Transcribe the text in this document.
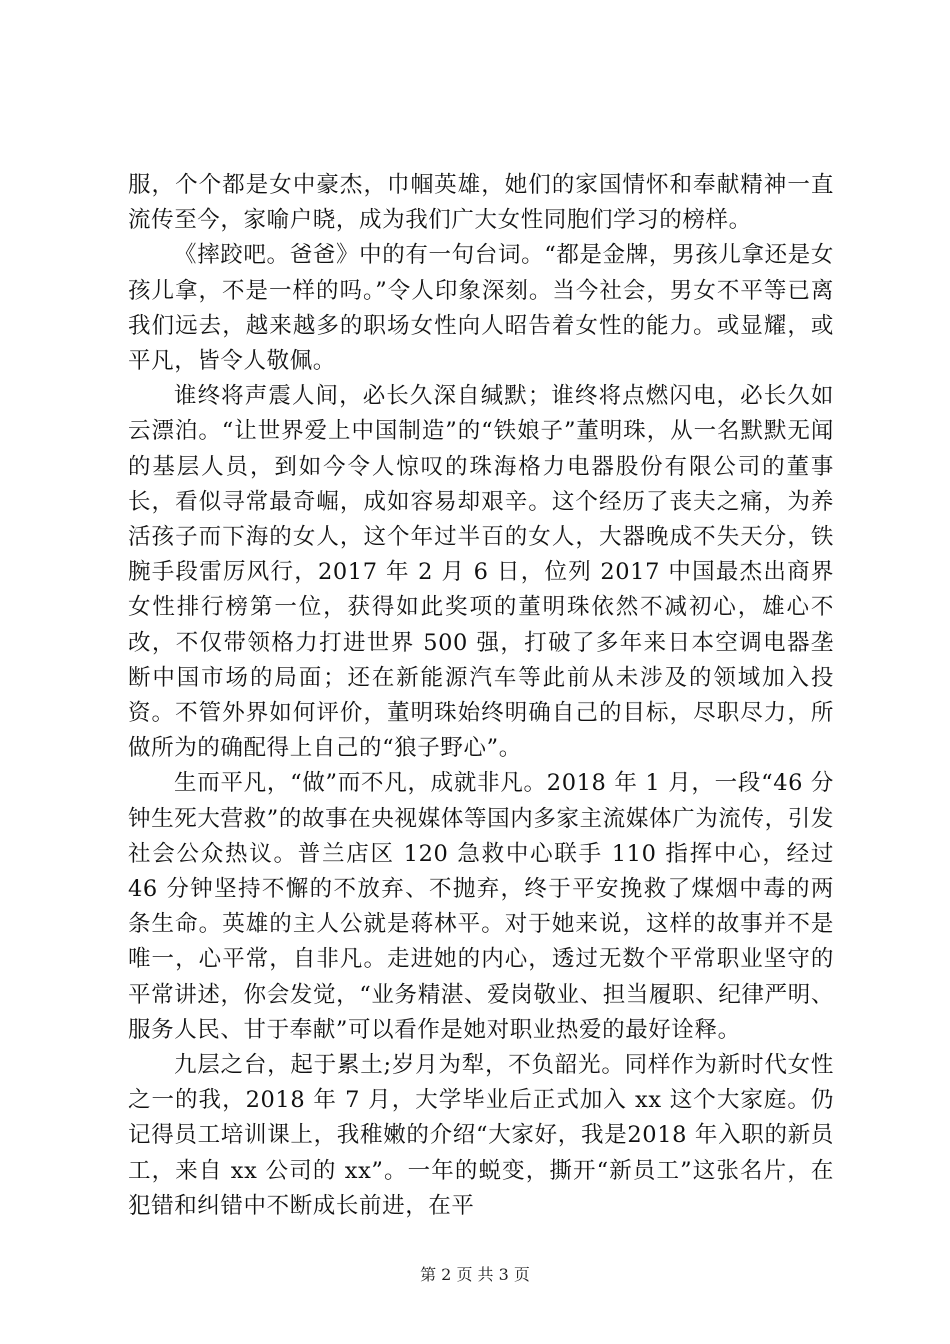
服，个个都是女中豪杰，巾帼英雄，她们的家国情怀和奉献精神一直流传至今，家喻户晓，成为我们广大女性同胞们学习的榜样。

《摔跤吧。爸爸》中的有一句台词。“都是金牌，男孩儿拿还是女孩儿拿，不是一样的吗。”令人印象深刻。当今社会，男女不平等已离我们远去，越来越多的职场女性向人昭告着女性的能力。或显耀，或平凡，皆令人敬佩。

谁终将声震人间，必长久深自缄默；谁终将点燃闪电，必长久如云漂泊。“让世界爱上中国制造”的“铁娘子”董明珠，从一名默默无闻的基层人员，到如今令人惊叹的珠海格力电器股份有限公司的董事长，看似寻常最奇崛，成如容易却艰辛。这个经历了丧夫之痛，为养活孩子而下海的女人，这个年过半百的女人，大器晚成不失天分，铁腕手段雷厉风行，2017 年 2 月 6 日，位列 2017 中国最杰出商界女性排行榜第一位，获得如此奖项的董明珠依然不减初心，雄心不改，不仅带领格力打进世界 500 强，打破了多年来日本空调电器垄断中国市场的局面；还在新能源汽车等此前从未涉及的领域加入投资。不管外界如何评价，董明珠始终明确自己的目标，尽职尽力，所做所为的确配得上自己的“狼子野心”。

生而平凡，“做”而不凡，成就非凡。2018 年 1 月，一段“46 分钟生死大营救”的故事在央视媒体等国内多家主流媒体广为流传，引发社会公众热议。普兰店区 120 急救中心联手 110 指挥中心，经过 46 分钟坚持不懈的不放弃、不抛弃，终于平安挽救了煤烟中毒的两条生命。英雄的主人公就是蒋林平。对于她来说，这样的故事并不是唯一，心平常，自非凡。走进她的内心，透过无数个平常职业坚守的平常讲述，你会发觉，“业务精湛、爱岗敬业、担当履职、纪律严明、服务人民、甘于奉献”可以看作是她对职业热爱的最好诠释。

九层之台，起于累土;岁月为犁，不负韶光。同样作为新时代女性之一的我，2018 年 7 月，大学毕业后正式加入 xx 这个大家庭。仍记得员工培训课上，我稚嫩的介绍“大家好，我是2018 年入职的新员工，来自 xx 公司的 xx”。一年的蜕变，撕开“新员工”这张名片，在犯错和纠错中不断成长前进，在平

第 2 页 共 3 页
